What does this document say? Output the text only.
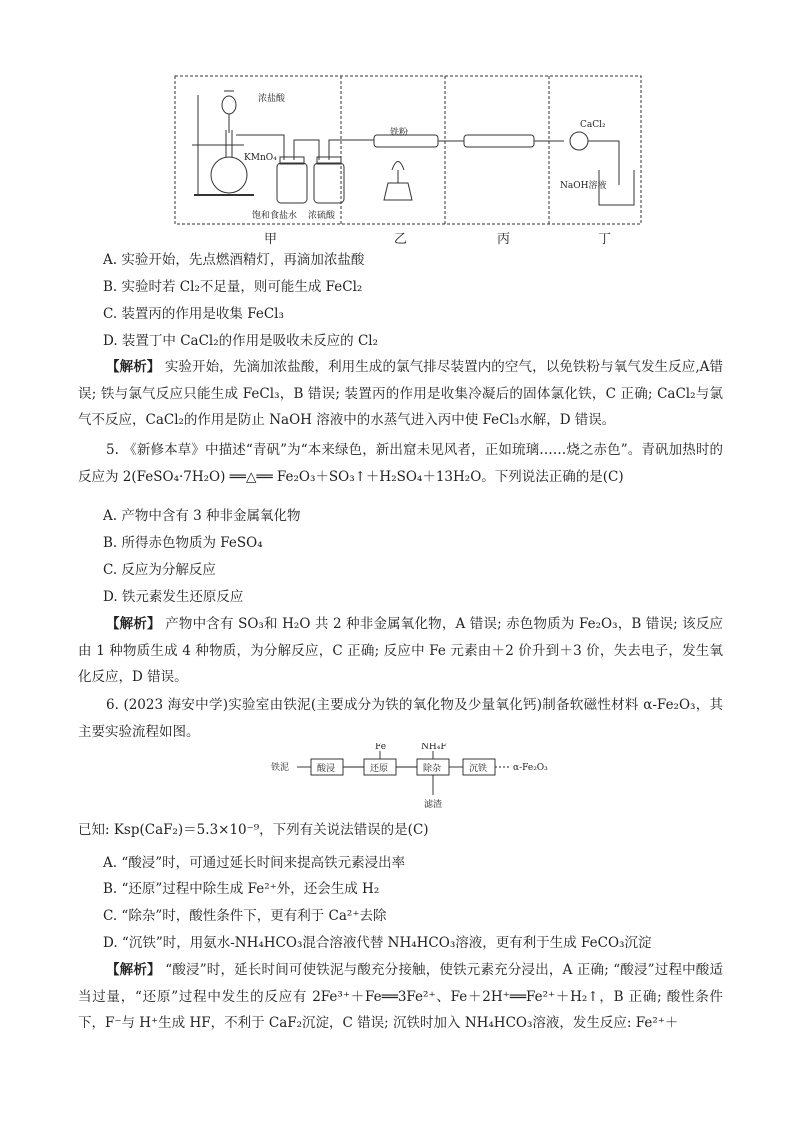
浓盐酸
KMnO₄
铁粉
CaCl₂
NaOH溶液
饱和食盐水 浓硫酸
甲	乙	丙	丁
A. 实验开始，先点燃酒精灯，再滴加浓盐酸
B. 实验时若 Cl₂不足量，则可能生成 FeCl₂
C. 装置丙的作用是收集 FeCl₃
D. 装置丁中 CaCl₂的作用是吸收未反应的 Cl₂
【解析】 实验开始，先滴加浓盐酸，利用生成的氯气排尽装置内的空气，以免铁粉与氧气发生反应,A错误; 铁与氯气反应只能生成 FeCl₃，B 错误; 装置丙的作用是收集冷凝后的固体氯化铁，C 正确; CaCl₂与氯气不反应，CaCl₂的作用是防止 NaOH 溶液中的水蒸气进入丙中使 FeCl₃水解，D 错误。
5. 《新修本草》中描述“青矾”为“本来绿色，新出窟未见风者，正如琉璃……烧之赤色”。青矾加热时的反应为 2(FeSO₄·7H₂O) ══△══ Fe₂O₃＋SO₃↑＋H₂SO₄＋13H₂O。下列说法正确的是(C)
A. 产物中含有 3 种非金属氧化物
B. 所得赤色物质为 FeSO₄
C. 反应为分解反应
D. 铁元素发生还原反应
【解析】 产物中含有 SO₃和 H₂O 共 2 种非金属氧化物，A 错误; 赤色物质为 Fe₂O₃，B 错误; 该反应由 1 种物质生成 4 种物质，为分解反应，C 正确; 反应中 Fe 元素由＋2 价升到＋3 价，失去电子，发生氧化反应，D 错误。
6. (2023 海安中学)实验室由铁泥(主要成分为铁的氧化物及少量氧化钙)制备软磁性材料 α-Fe₂O₃，其主要实验流程如图。
铁泥	酸浸	还原	除杂	沉铁	α-Fe₂O₃
Fe	NH₄F
滤渣
已知: Ksp(CaF₂)＝5.3×10⁻⁹，下列有关说法错误的是(C)
A. “酸浸”时，可通过延长时间来提高铁元素浸出率
B. “还原”过程中除生成 Fe²⁺外，还会生成 H₂
C. “除杂”时，酸性条件下，更有利于 Ca²⁺去除
D. “沉铁”时，用氨水-NH₄HCO₃混合溶液代替 NH₄HCO₃溶液，更有利于生成 FeCO₃沉淀
【解析】 “酸浸”时，延长时间可使铁泥与酸充分接触，使铁元素充分浸出，A 正确; “酸浸”过程中酸适当过量，“还原”过程中发生的反应有 2Fe³⁺＋Fe══3Fe²⁺、Fe＋2H⁺══Fe²⁺＋H₂↑，B 正确; 酸性条件下，F⁻与 H⁺生成 HF，不利于 CaF₂沉淀，C 错误; 沉铁时加入 NH₄HCO₃溶液，发生反应: Fe²⁺＋
